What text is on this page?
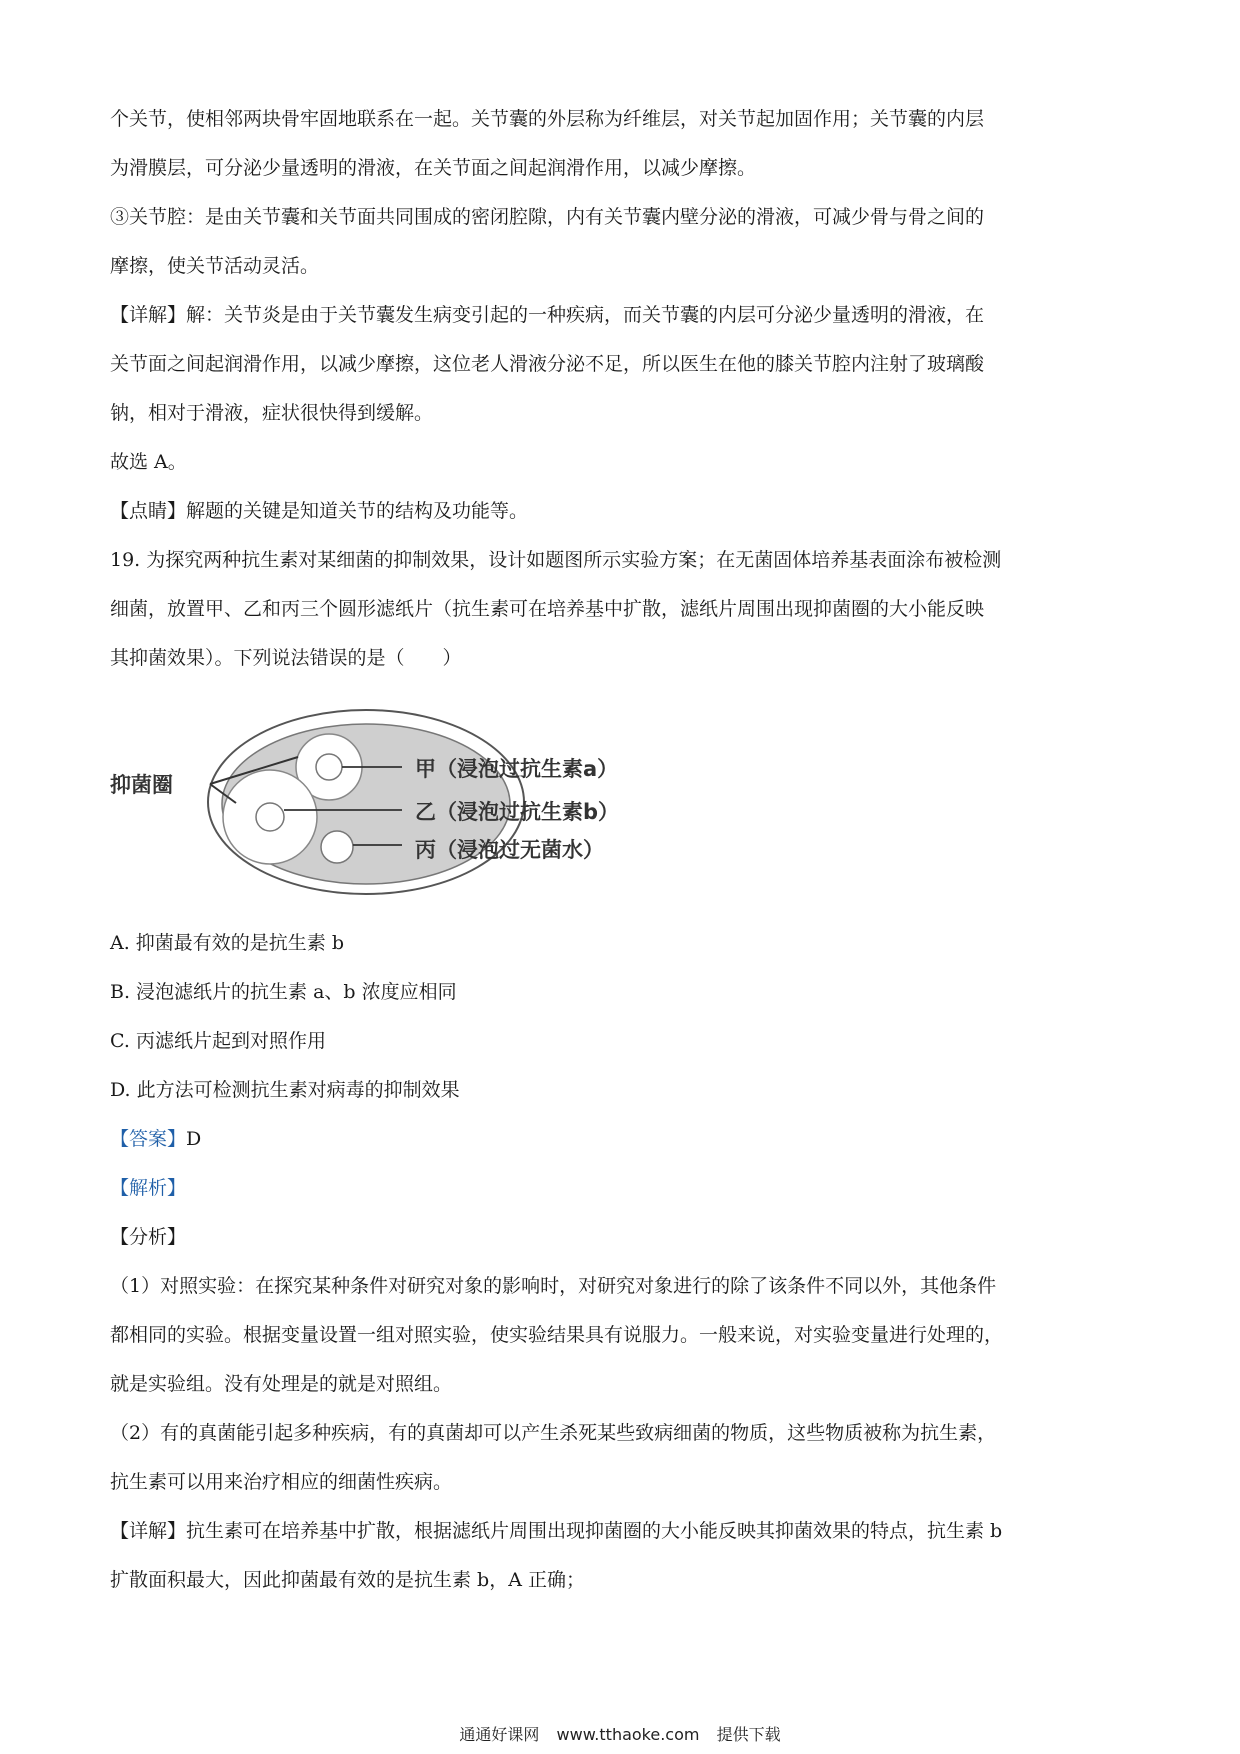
个关节，使相邻两块骨牢固地联系在一起。关节囊的外层称为纤维层，对关节起加固作用；关节囊的内层

为滑膜层，可分泌少量透明的滑液，在关节面之间起润滑作用，以减少摩擦。

③关节腔：是由关节囊和关节面共同围成的密闭腔隙，内有关节囊内壁分泌的滑液，可减少骨与骨之间的

摩擦，使关节活动灵活。

【详解】解：关节炎是由于关节囊发生病变引起的一种疾病，而关节囊的内层可分泌少量透明的滑液，在

关节面之间起润滑作用，以减少摩擦，这位老人滑液分泌不足，所以医生在他的膝关节腔内注射了玻璃酸

钠，相对于滑液，症状很快得到缓解。

故选 A。

【点睛】解题的关键是知道关节的结构及功能等。

19. 为探究两种抗生素对某细菌的抑制效果，设计如题图所示实验方案；在无菌固体培养基表面涂布被检测

细菌，放置甲、乙和丙三个圆形滤纸片（抗生素可在培养基中扩散，滤纸片周围出现抑菌圈的大小能反映

其抑菌效果）。下列说法错误的是（　　）

抑菌圈
甲（浸泡过抗生素a）
乙（浸泡过抗生素b）
丙（浸泡过无菌水）

A. 抑菌最有效的是抗生素 b

B. 浸泡滤纸片的抗生素 a、b 浓度应相同

C. 丙滤纸片起到对照作用

D. 此方法可检测抗生素对病毒的抑制效果

【答案】D

【解析】

【分析】

（1）对照实验：在探究某种条件对研究对象的影响时，对研究对象进行的除了该条件不同以外，其他条件

都相同的实验。根据变量设置一组对照实验，使实验结果具有说服力。一般来说，对实验变量进行处理的，

就是实验组。没有处理是的就是对照组。

（2）有的真菌能引起多种疾病，有的真菌却可以产生杀死某些致病细菌的物质，这些物质被称为抗生素，

抗生素可以用来治疗相应的细菌性疾病。

【详解】抗生素可在培养基中扩散，根据滤纸片周围出现抑菌圈的大小能反映其抑菌效果的特点，抗生素 b

扩散面积最大，因此抑菌最有效的是抗生素 b，A 正确；

通通好课网 www.tthaoke.com 提供下载
